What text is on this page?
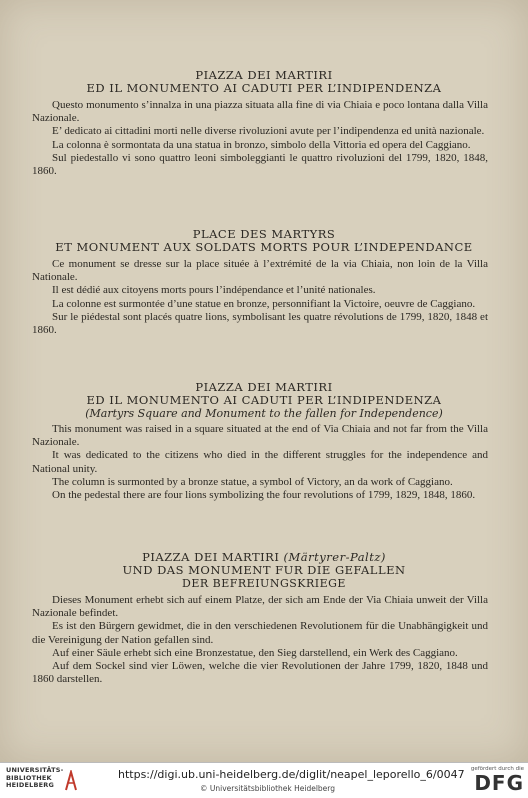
PIAZZA DEI MARTIRI
ED IL MONUMENTO AI CADUTI PER L’INDIPENDENZA

Questo monumento s’innalza in una piazza situata alla fine di via Chiaia e poco lontana dalla Villa Nazionale.

E’ dedicato ai cittadini morti nelle diverse rivoluzioni avute per l’indipendenza ed unità nazionale.

La colonna è sormontata da una statua in bronzo, simbolo della Vittoria ed opera del Caggiano.

Sul piedestallo vi sono quattro leoni simboleggianti le quattro rivoluzioni del 1799, 1820, 1848, 1860.

PLACE DES MARTYRS
ET MONUMENT AUX SOLDATS MORTS POUR L’INDEPENDANCE

Ce monument se dresse sur la place située à l’extrémité de la via Chiaia, non loin de la Villa Nationale.

Il est dédié aux citoyens morts pours l’indépendance et l’unité nationales.

La colonne est surmontée d’une statue en bronze, personnifiant la Victoire, oeuvre de Caggiano.

Sur le piédestal sont placés quatre lions, symbolisant les quatre révolutions de 1799, 1820, 1848 et 1860.

PIAZZA DEI MARTIRI
ED IL MONUMENTO AI CADUTI PER L’INDIPENDENZA
(Martyrs Square and Monument to the fallen for Independence)

This monument was raised in a square situated at the end of Via Chiaia and not far from the Villa Nazionale.

It was dedicated to the citizens who died in the different struggles for the independence and National unity.

The column is surmonted by a bronze statue, a symbol of Victory, an da work of Caggiano.

On the pedestal there are four lions symbolizing the four revolutions of 1799, 1829, 1848, 1860.

PIAZZA DEI MARTIRI (Märtyrer-Paltz)
UND DAS MONUMENT FUR DIE GEFALLEN
DER BEFREIUNGSKRIEGE

Dieses Monument erhebt sich auf einem Platze, der sich am Ende der Via Chiaia unweit der Villa Nazionale befindet.

Es ist den Bürgern gewidmet, die in den verschiedenen Revolutionem für die Unabhängigkeit und die Vereinigung der Nation gefallen sind.

Auf einer Säule erhebt sich eine Bronzestatue, den Sieg darstellend, ein Werk des Caggiano.

Auf dem Sockel sind vier Löwen, welche die vier Revolutionen der Jahre 1799, 1820, 1848 und 1860 darstellen.

UNIVERSITÄTS-
BIBLIOTHEK
HEIDELBERG
https://digi.ub.uni-heidelberg.de/diglit/neapel_leporello_6/0047
© Universitätsbibliothek Heidelberg
gefördert durch die
DFG
